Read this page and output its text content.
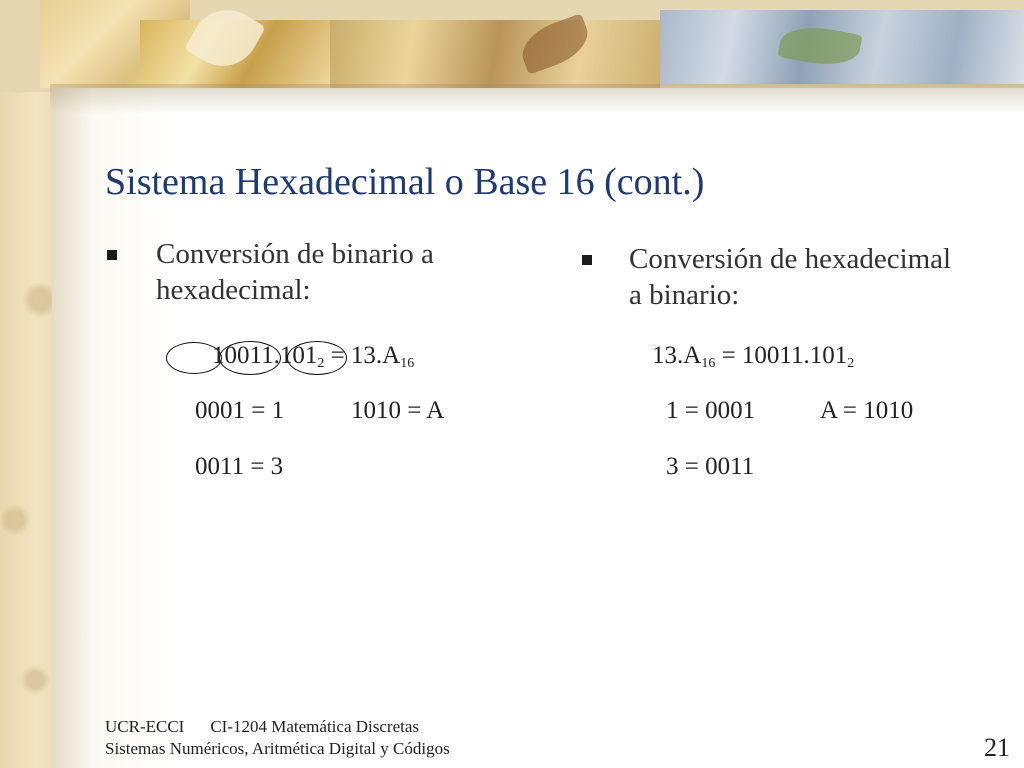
Sistema Hexadecimal o Base 16 (cont.)
Conversión de binario a
hexadecimal:
$10011.101_2 = 13.A_{16}$
0001 = 1	1010 = A
0011 = 3
Conversión de hexadecimal
a binario:
$13.A_{16} = 10011.101_2$
1 = 0001	A = 1010
3 = 0011
UCR-ECCI CI-1204 Matemática Discretas
Sistemas Numéricos, Aritmética Digital y Códigos	21
